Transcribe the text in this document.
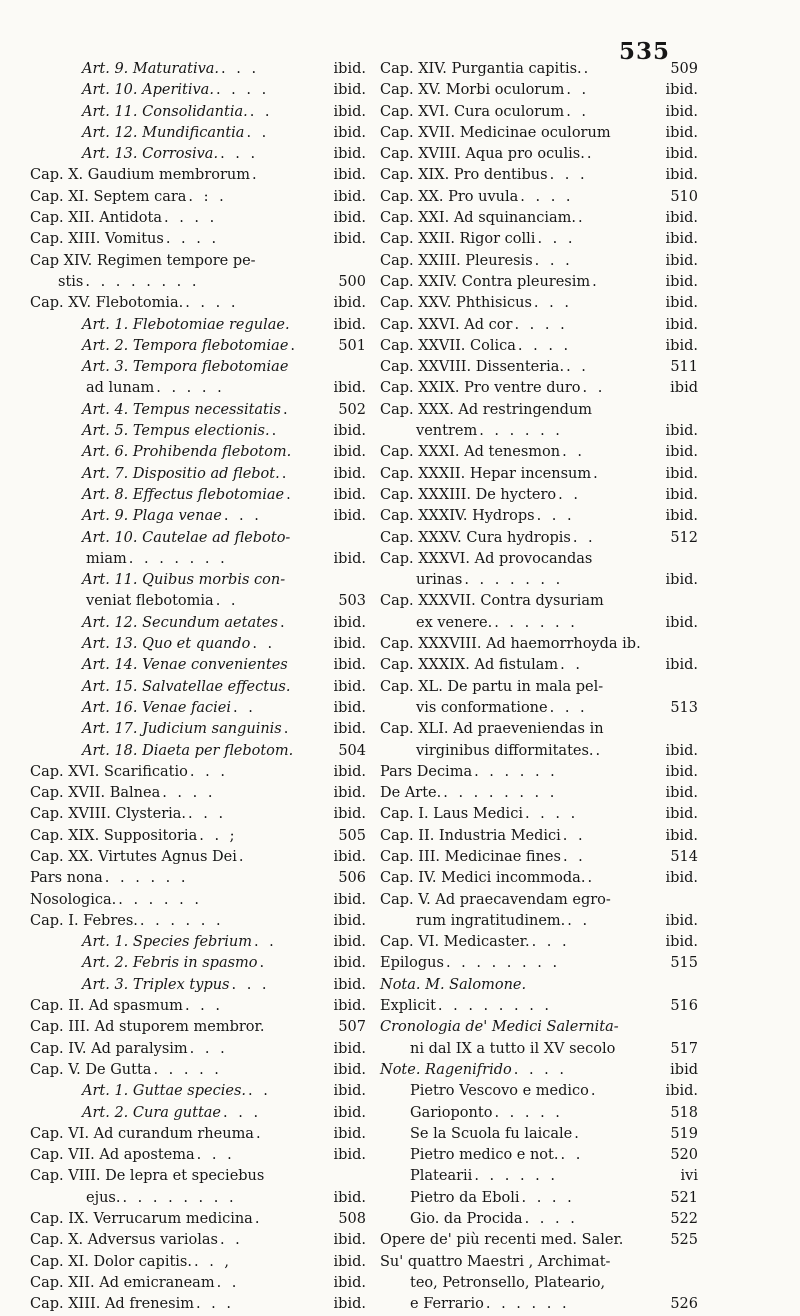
535
Art. 9. Maturativa. . . .	ibid.
Art. 10. Aperitiva. . . . .	ibid.
Art. 11. Consolidantia. . .	ibid.
Art. 12. Mundificantia . .	ibid.
Art. 13. Corrosiva. . . .	ibid.
Cap. X. Gaudium membrorum .	ibid.
Cap. XI. Septem cara . : .	ibid.
Cap. XII. Antidota . . . .	ibid.
Cap. XIII. Vomitus . . . .	ibid.
Cap XIV. Regimen tempore pe-
stis . . . . . . . .	500
Cap. XV. Flebotomia. . . . .	ibid.
Art. 1. Flebotomiae regulae.	ibid.
Art. 2. Tempora flebotomiae .	501
Art. 3. Tempora flebotomiae
ad lunam . . . . .	ibid.
Art. 4. Tempus necessitatis .	502
Art. 5. Tempus electionis. .	ibid.
Art. 6. Prohibenda flebotom.	ibid.
Art. 7. Dispositio ad flebot. .	ibid.
Art. 8. Effectus flebotomiae .	ibid.
Art. 9. Plaga venae . . .	ibid.
Art. 10. Cautelae ad fleboto-
miam . . . . . . .	ibid.
Art. 11. Quibus morbis con-
veniat flebotomia . .	503
Art. 12. Secundum aetates .	ibid.
Art. 13. Quo et quando . .	ibid.
Art. 14. Venae convenientes	ibid.
Art. 15. Salvatellae effectus.	ibid.
Art. 16. Venae faciei . .	ibid.
Art. 17. Judicium sanguinis .	ibid.
Art. 18. Diaeta per flebotom.	504
Cap. XVI. Scarificatio . . .	ibid.
Cap. XVII. Balnea . . . .	ibid.
Cap. XVIII. Clysteria. . . .	ibid.
Cap. XIX. Suppositoria . . ;	505
Cap. XX. Virtutes Agnus Dei .	ibid.
Pars nona . . . . . .	506
Nosologica. . . . . . .	ibid.
Cap. I. Febres. . . . . . .	ibid.
Art. 1. Species febrium . .	ibid.
Art. 2. Febris in spasmo .	ibid.
Art. 3. Triplex typus . . .	ibid.
Cap. II. Ad spasmum . . .	ibid.
Cap. III. Ad stuporem membror.	507
Cap. IV. Ad paralysim . . .	ibid.
Cap. V. De Gutta . . . . .	ibid.
Art. 1. Guttae species. . .	ibid.
Art. 2. Cura guttae . . .	ibid.
Cap. VI. Ad curandum rheuma .	ibid.
Cap. VII. Ad apostema . . .	ibid.
Cap. VIII. De lepra et speciebus
ejus. . . . . . . . .	ibid.
Cap. IX. Verrucarum medicina .	508
Cap. X. Adversus variolas . .	ibid.
Cap. XI. Dolor capitis. . . ,	ibid.
Cap. XII. Ad emicraneam . .	ibid.
Cap. XIII. Ad frenesim . . .	ibid.
Cap. XIV. Purgantia capitis. .	509
Cap. XV. Morbi oculorum . .	ibid.
Cap. XVI. Cura oculorum . .	ibid.
Cap. XVII. Medicinae oculorum	ibid.
Cap. XVIII. Aqua pro oculis. .	ibid.
Cap. XIX. Pro dentibus . . .	ibid.
Cap. XX. Pro uvula . . . .	510
Cap. XXI. Ad squinanciam. .	ibid.
Cap. XXII. Rigor colli . . .	ibid.
Cap. XXIII. Pleuresis . . .	ibid.
Cap. XXIV. Contra pleuresim .	ibid.
Cap. XXV. Phthisicus . . .	ibid.
Cap. XXVI. Ad cor . . . .	ibid.
Cap. XXVII. Colica . . . .	ibid.
Cap. XXVIII. Dissenteria. . .	511
Cap. XXIX. Pro ventre duro . .	ibid
Cap. XXX. Ad restringendum
ventrem . . . . . .	ibid.
Cap. XXXI. Ad tenesmon . .	ibid.
Cap. XXXII. Hepar incensum .	ibid.
Cap. XXXIII. De hyctero . .	ibid.
Cap. XXXIV. Hydrops . . .	ibid.
Cap. XXXV. Cura hydropis . .	512
Cap. XXXVI. Ad provocandas
urinas . . . . . . .	ibid.
Cap. XXXVII. Contra dysuriam
ex venere. . . . . . .	ibid.
Cap. XXXVIII. Ad haemorrhoyda ib.
Cap. XXXIX. Ad fistulam . .	ibid.
Cap. XL. De partu in mala pel-
vis conformatione . . .	513
Cap. XLI. Ad praeveniendas in
virginibus difformitates. .	ibid.
Pars Decima . . . . . .	ibid.
De Arte. . . . . . . . .	ibid.
Cap. I. Laus Medici . . . .	ibid.
Cap. II. Industria Medici . .	ibid.
Cap. III. Medicinae fines . .	514
Cap. IV. Medici incommoda. .	ibid.
Cap. V. Ad praecavendam egro-
rum ingratitudinem. . .	ibid.
Cap. VI. Medicaster. . . .	ibid.
Epilogus . . . . . . . .	515
Nota. M. Salomone.
Explicit . . . . . . . .	516
Cronologia de' Medici Salernita-
ni dal IX a tutto il XV secolo	517
Note. Ragenifrido . . . .	ibid
Pietro Vescovo e medico .	ibid.
Garioponto . . . . .	518
Se la Scuola fu laicale .	519
Pietro medico e not. . .	520
Platearii . . . . . .	ivi
Pietro da Eboli . . . .	521
Gio. da Procida . . . .	522
Opere de' più recenti med. Saler.	525
Su' quattro Maestri , Archimat-
teo, Petronsello, Plateario,
e Ferrario . . . . . .	526
